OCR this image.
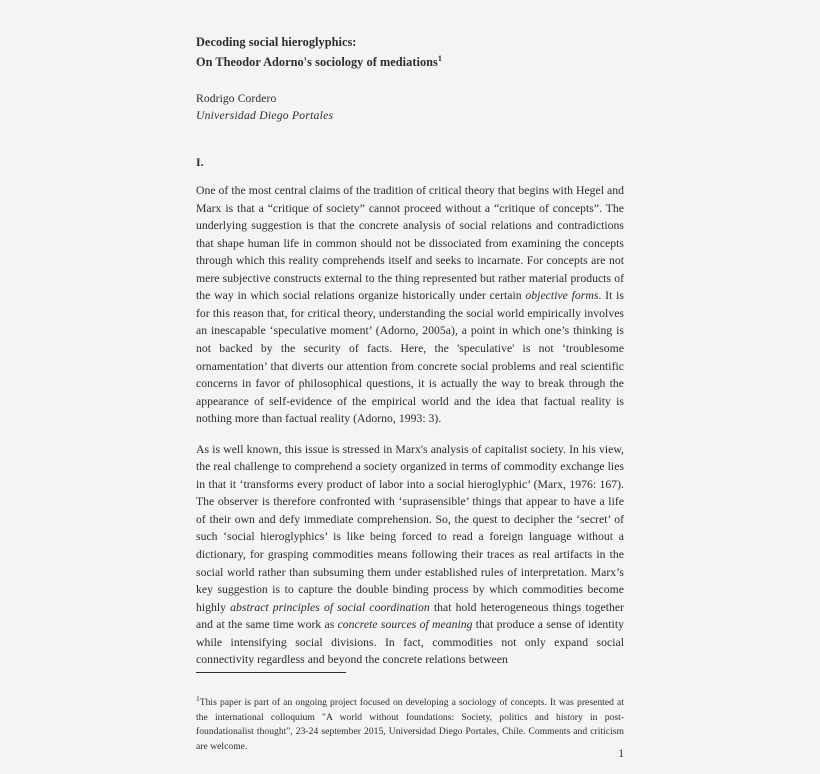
Decoding social hieroglyphics:
On Theodor Adorno's sociology of mediations$^1$
Rodrigo Cordero
Universidad Diego Portales
I.

One of the most central claims of the tradition of critical theory that begins with Hegel and Marx is that a “critique of society” cannot proceed without a “critique of concepts”. The underlying suggestion is that the concrete analysis of social relations and contradictions that shape human life in common should not be dissociated from examining the concepts through which this reality comprehends itself and seeks to incarnate. For concepts are not mere subjective constructs external to the thing represented but rather material products of the way in which social relations organize historically under certain objective forms. It is for this reason that, for critical theory, understanding the social world empirically involves an inescapable ‘speculative moment’ (Adorno, 2005a), a point in which one’s thinking is not backed by the security of facts. Here, the 'speculative' is not ‘troublesome ornamentation’ that diverts our attention from concrete social problems and real scientific concerns in favor of philosophical questions, it is actually the way to break through the appearance of self-evidence of the empirical world and the idea that factual reality is nothing more than factual reality (Adorno, 1993: 3).

As is well known, this issue is stressed in Marx's analysis of capitalist society. In his view, the real challenge to comprehend a society organized in terms of commodity exchange lies in that it ‘transforms every product of labor into a social hieroglyphic’ (Marx, 1976: 167). The observer is therefore confronted with ‘suprasensible’ things that appear to have a life of their own and defy immediate comprehension. So, the quest to decipher the ‘secret’ of such ‘social hieroglyphics’ is like being forced to read a foreign language without a dictionary, for grasping commodities means following their traces as real artifacts in the social world rather than subsuming them under established rules of interpretation. Marx’s key suggestion is to capture the double binding process by which commodities become highly abstract principles of social coordination that hold heterogeneous things together and at the same time work as concrete sources of meaning that produce a sense of identity while intensifying social divisions. In fact, commodities not only expand social connectivity regardless and beyond the concrete relations between

$^1$This paper is part of an ongoing project focused on developing a sociology of concepts. It was presented at the international colloquium "A world without foundations: Society, politics and history in post-foundationalist thought", 23-24 september 2015, Universidad Diego Portales, Chile. Comments and criticism are welcome.
1
